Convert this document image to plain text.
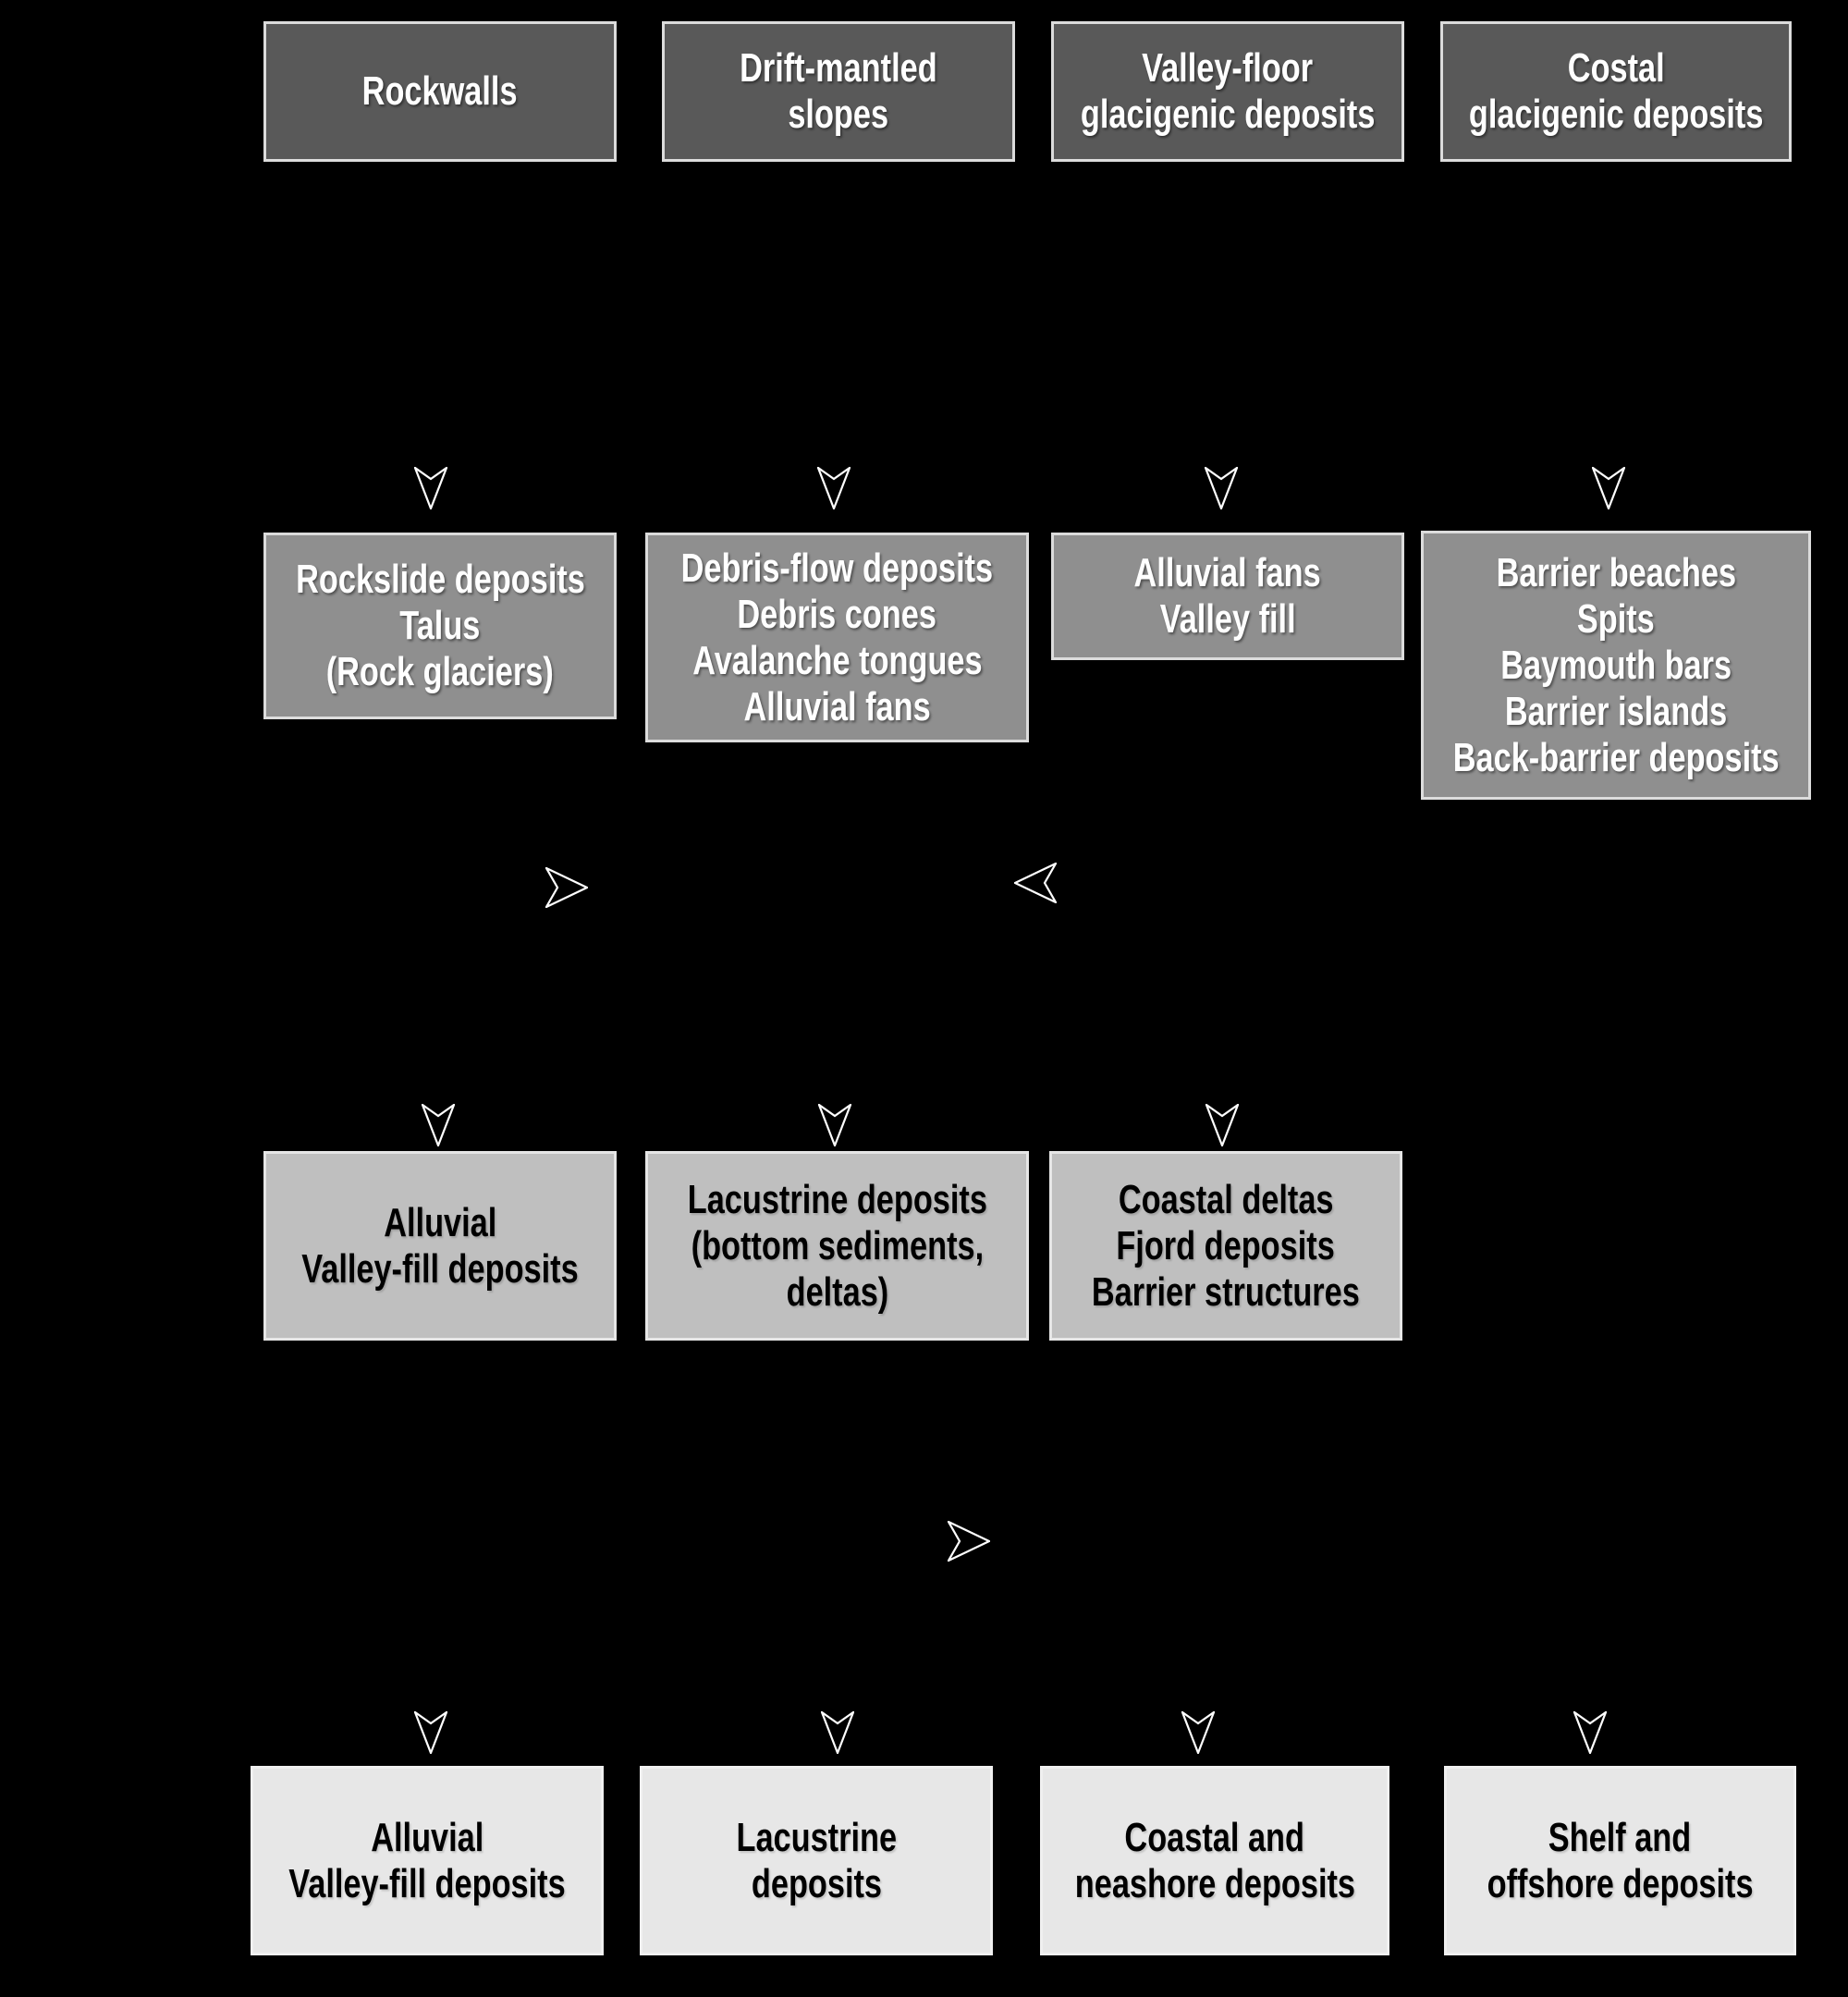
Rockwalls
Drift-mantled
slopes
Valley-floor
glacigenic deposits
Costal
glacigenic deposits
Rockslide deposits
Talus
(Rock glaciers)
Debris-flow deposits
Debris cones
Avalanche tongues
Alluvial fans
Alluvial fans
Valley fill
Barrier beaches
Spits
Baymouth bars
Barrier islands
Back-barrier deposits
Alluvial
Valley-fill deposits
Lacustrine deposits
(bottom sediments,
deltas)
Coastal deltas
Fjord deposits
Barrier structures
Alluvial
Valley-fill deposits
Lacustrine
deposits
Coastal and
neashore deposits
Shelf and
offshore deposits
